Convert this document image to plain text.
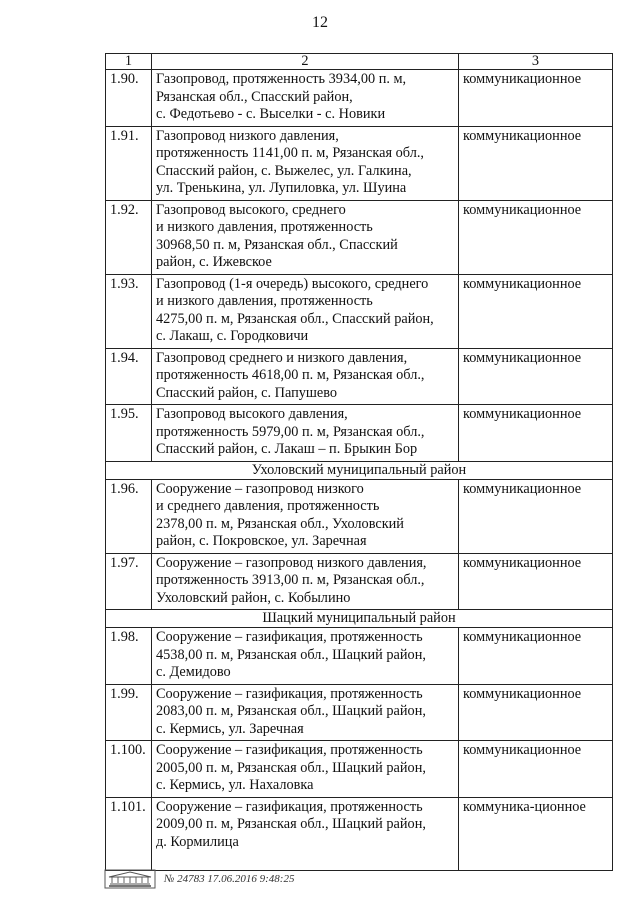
12
1	2	3
1.90.	Газопровод, протяженность 3934,00 п. м,
Рязанская обл., Спасский район,
с. Федотьево - с. Выселки - с. Новики	коммуникационное
1.91.	Газопровод низкого давления,
протяженность 1141,00 п. м, Рязанская обл.,
Спасский район, с. Выжелес, ул. Галкина,
ул. Тренькина, ул. Лупиловка, ул. Шуина	коммуникационное
1.92.	Газопровод высокого, среднего
и низкого давления, протяженность
30968,50 п. м, Рязанская обл., Спасский
район, с. Ижевское	коммуникационное
1.93.	Газопровод (1-я очередь) высокого, среднего
и низкого давления, протяженность
4275,00 п. м, Рязанская обл., Спасский район,
с. Лакаш, с. Городковичи	коммуникационное
1.94.	Газопровод среднего и низкого давления,
протяженность 4618,00 п. м, Рязанская обл.,
Спасский район, с. Папушево	коммуникационное
1.95.	Газопровод высокого давления,
протяженность 5979,00 п. м, Рязанская обл.,
Спасский район, с. Лакаш – п. Брыкин Бор	коммуникационное
Ухоловский муниципальный район		
1.96.	Сооружение – газопровод низкого
и среднего давления, протяженность
2378,00 п. м, Рязанская обл., Ухоловский
район, с. Покровское, ул. Заречная	коммуникационное
1.97.	Сооружение – газопровод низкого давления,
протяженность 3913,00 п. м, Рязанская обл.,
Ухоловский район, с. Кобылино	коммуникационное
Шацкий муниципальный район		
1.98.	Сооружение – газификация, протяженность
4538,00 п. м, Рязанская обл., Шацкий район,
с. Демидово	коммуникационное
1.99.	Сооружение – газификация, протяженность
2083,00 п. м, Рязанская обл., Шацкий район,
с. Кермись, ул. Заречная	коммуникационное
1.100.	Сооружение – газификация, протяженность
2005,00 п. м, Рязанская обл., Шацкий район,
с. Кермись, ул. Нахаловка	коммуникационное
1.101.	Сооружение – газификация, протяженность
2009,00 п. м, Рязанская обл., Шацкий район,
д. Кормилица	коммуника-ционное
№ 24783 17.06.2016 9:48:25
